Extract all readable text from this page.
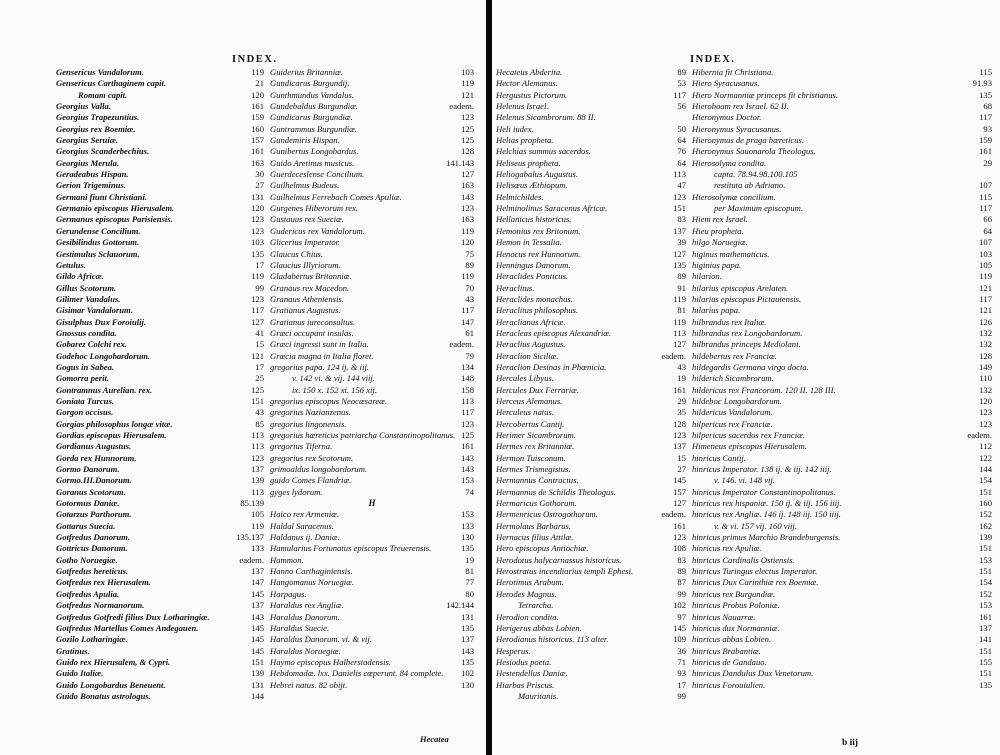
INDEX.
Gensericus Vandalorum.	119
Gensericus Carthaginem capit.	21
Romam capit.	120
Georgius Valla.	161
Georgius Trapezuntius.	159
Georgius rex Boemiæ.	160
Georgius Seruiæ.	157
Georgius Scanderbechius.	161
Georgius Merula.	163
Geradeabus Hispan.	30
Gerion Trigeminus.	27
Germani fiunt Christiani.	131
Germanio episcopus Hierusalem.	120
Germanus episcopus Parisiensis.	123
Gerundense Concilium.	123
Gesibilindus Gottorum.	103
Gestimulus Sclauorum.	135
Getulus.	17
Gildo Africæ.	119
Gillus Scotorum.	99
Gilimer Vandalus.	123
Gisimar Vandalorum.	117
Gisulphus Dux Foroiulij.	127
Gnossus condita.	41
Gobarez Colchi rex.	15
Godehoc Longobardorum.	121
Gogus in Sabea.	17
Gomorra perit.	25
Gontramnus Aurelian. rex.	125
Goniata Turcus.	151
Gorgon occisus.	43
Gorgias philosophus longæ vitæ.	85
Gordias episcopus Hierusalem.	113
Gordianus Augustus.	113
Gorda rex Hunnorum.	123
Gormo Danorum.	137
Gormo.III.Danorum.	139
Goranus Scotorum.	113
Gotormus Daniæ.	85.139
Gotarzus Parthorum.	105
Gottarus Suecia.	119
Gotfredus Danorum.	135.137
Gottricus Danorum.	133
Gotho Noruegiæ.	eadem.
Gotfredus hereticus.	137
Gotfredus rex Hierusalem.	147
Gotfredus Apulia.	145
Gotfredus Normanorum.	137
Gotfredus Gotfredi filius Dux Lotharingiæ.	143
Gotfredus Martellus Comes Andegauen.	145
Gozilo Lotharingiæ.	145
Gratinus.	145
Guido rex Hierusalem, & Cypri.	151
Guido Italiæ.	139
Guido Longobardus Beneuent.	131
Guido Bonatus astrologus.	144
Guiderius Britanniæ.	103
Gundicarus Burgundij.	119
Gunthmundus Vandalus.	121
Gundebaldus Burgundiæ.	eadem.
Gundicarus Burgundiæ.	123
Guntrammus Burgundiæ.	125
Gundemiris Hispan.	125
Gunibertus Longobardus.	128
Guido Aretinus musicus.	141.143
Guerdeceslense Concilium.	127
Guilhelmus Budeus.	163
Guilhelmus Ferrebach Comes Apuliæ.	143
Gurgenes Hiberorum rex.	123
Gustauus rex Sueciæ.	163
Gudericus rex Vandalorum.	119
Glicerius Imperator.	120
Glaucus Chius.	75
Glaucius Illyriorum.	89
Gladabertus Britanniæ.	119
Granaus rex Macedon.	70
Granaus Atheniensis.	43
Gratianus Augustus.	117
Gratianus iureconsultus.	147
Græci occupant insulas.	61
Græci ingressi sunt in Italia.	eadem.
Græcia magna in Italia floret.	79
gregorius papa. 124 ij. & iij.	134
v. 142 vi. & vij. 144 viij.	148
ix. 150 x. 152 xi. 156 xij.	158
gregorius episcopus Neocæsareæ.	113
gregorius Nazianzenus.	117
gregorius lingonensis.	123
gregorius hæreticus patriarcha Constantinopolitanus. 125
gregorius Tiferna.	161
gregorius rex Scotorum.	143
grimoaldus longobardorum.	143
guido Comes Flandriæ.	153
gyges lydorum.	74
H
Haico rex Armeniæ.	153
Haldal Saracenus.	133
Haldanus ij. Daniæ.	130
Hamularius Fortunatus episcopus Treuerensis.	135
Hammon.	19
Hanno Carthaginiensis.	81
Hangomanus Noruegiæ.	77
Harpagus.	80
Haraldus rex Angliæ.	142.144
Haraldus Danorum.	131
Haraldus Suecie.	135
Haraldus Danorum. vi. & vij.	137
Haraldus Noruegiæ.	143
Haymo episcopus Halberstadensis.	135
Hebdomadæ. lxx. Danielis cœperunt. 84 complete. 102
Hebrei natus. 82 obijt.	130
Hecatea
INDEX.
Hecateus Abderita.	89
Hector Alemanus.	53
Hergustus Pictorum.	117
Helenus Israel.	56
Helenus Sicambrorum. 88 II.
Heli iudex.	50
Helias propheta.	64
Helchias summus sacerdos.	76
Heliseus propheta.	64
Heliogabalus Augustus.	113
Helisæus Æthiopum.	47
Helmichildes.	123
Helminolinus Saracenus Africæ.	151
Hellanicus historicus.	83
Hemonius rex Britonum.	137
Hemon in Tessalia.	39
Henocus rex Hunnorum.	127
Henningus Danorum.	135
Heraclides Ponticus.	89
Heraclitus.	91
Heraclides monachus.	119
Heraclitus philosophus.	81
Heraclianus Africæ.	119
Heracleas episcopus Alexandriæ.	113
Heraclius Augustus.	127
Heraclion Siciliæ.	eadem.
Heraclion Desinas in Phœnicia.	43
Hercules Libyus.	19
Hercules Dux Ferrariæ.	161
Herceus Alemanus.	29
Herculeus natus.	35
Hercobertus Cantij.	128
Herimer Sicambrorum.	123
Hermes rex Britanniæ.	137
Hermon Tuisconum.	15
Hermes Trismegistus.	27
Hermannus Contractus.	145
Hermannus de Schildis Theologus.	157
Hermaricus Gothorum.	127
Hermenricus Ostrogothorum.	eadem.
Hermolaus Barbarus.	161
Hernacus filius Attilæ.	123
Hero episcopus Antiochiæ.	108
Herodotus halycarnassus historicus.	83
Herostratus incendiarius templi Ephesi.	89
Herotimus Arabum.	87
Herodes Magnus.	99
Tetrarcha.	102
Herodion condita.	97
Herigerus abbas Lobien.	145
Herodianus historicus. 113 alter.	109
Hesperus.	36
Hesiodus poeta.	71
Hestendellus Daniæ.	93
Hiarbas Priscus.	17
Mauritanis.	99
Hibernia fit Christiana.	115
Hiero Syracusanus.	91.93
Hiero Normanniæ princeps fit christianus.	135
Hieroboam rex Israel. 62 II.	68
Hieronymus Doctor.	117
Hieronymus Syracusanus.	93
Hieronymus de praga hæreticus.	159
Hieronymus Sauonarola Theologus.	161
Hierosolyma condita.	29
capta. 78.94.98.100.105
restituta ab Adriano.	107
Hierosolymæ concilium.	115
per Maximum episcopum.	117
Hiem rex Israel.	66
Hieu propheta.	64
hilgo Noruegiæ.	107
higinus mathematicus.	103
higinius papa.	105
hilarion.	119
hilarius episcopus Arelaten.	121
hilarius episcopus Pictauiensis.	117
hilarius papa.	121
hilbrandus rex Italiæ.	126
hilbrandus rex Longobardorum.	132
hilbrandus princeps Mediolani.	132
hildebertus rex Franciæ.	128
hildegardis Germana virgo docta.	149
hilderich Sicambrorum.	110
hildericus rex Francorum. 120 II. 128 III.	132
hildeboc Longobardorum.	120
hildericus Vandalorum.	123
hilpericus rex Franciæ.	123
hilpericus sacerdos rex Franciæ.	eadem.
Himeneus episcopus Hierusalem.	112
hinricus Cantij.	122
hinricus Imperator. 138 ij. & iij. 142 iiij.	144
v. 146. vi. 148 vij.	154
hinricus Imperator Constantinopolitanus.	151
hinricus rex hispaniæ. 150 ij. & iij. 156 iiij.	160
hinricus rex Angliæ. 146 ij. 148 iij. 150 iiij.	152
v. & vi. 157 vij. 160 viij.	162
hinricus primus Marchio Brandeburgensis.	139
hinricus rex Apuliæ.	151
hinricus Cardinalis Ostiensis.	153
hinricus Turingus electus Imperator.	151
hinricus Dux Carinthiæ rex Boemiæ.	154
hinricus rex Burgundiæ.	152
hinricus Probus Poloniæ.	153
hinricus Nauarræ.	161
hinricus dux Normanniæ.	137
hinricus abbas Lobien.	141
hinricus Brabantiæ.	151
hinricus de Gandauo.	155
hinricus Dandulus Dux Venetorum.	151
hinricus Forouiulien.	135
b iij
